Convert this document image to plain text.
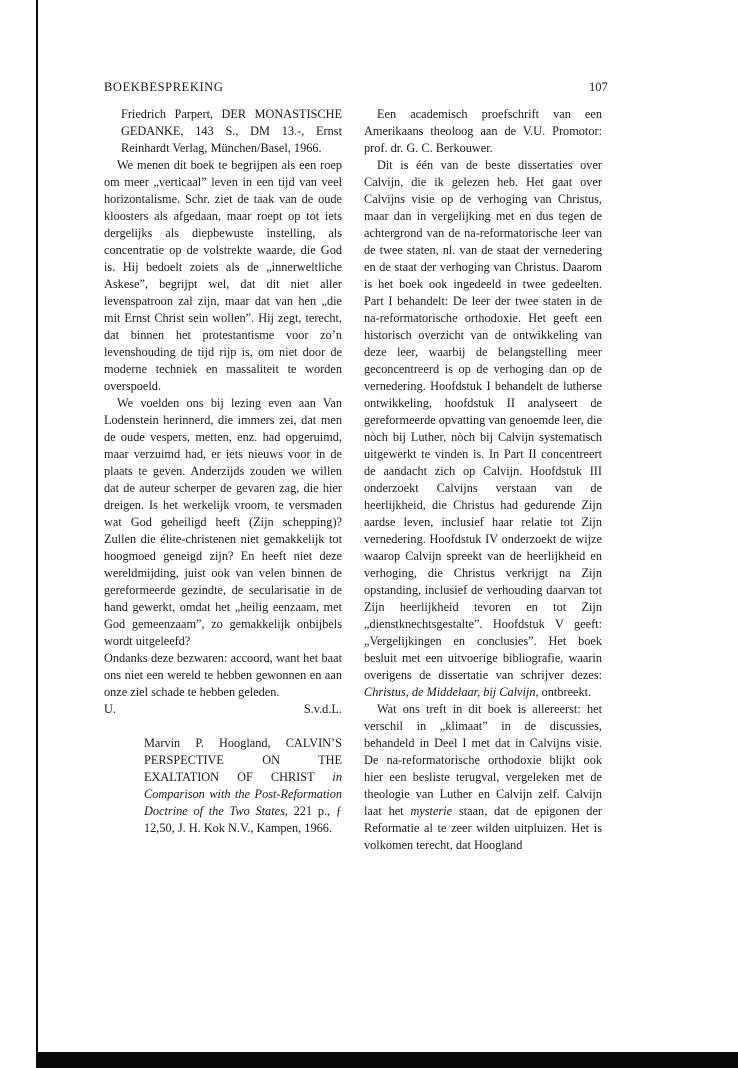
BOEKBESPREKING	107

Friedrich Parpert, DER MONASTISCHE GEDANKE, 143 S., DM 13.-, Ernst Reinhardt Verlag, München/Basel, 1966.

We menen dit boek te begrijpen als een roep om meer „verticaal” leven in een tijd van veel horizontalisme. Schr. ziet de taak van de oude kloosters als afgedaan, maar roept op tot iets dergelijks als diepbewuste instelling, als concentratie op de volstrekte waarde, die God is. Hij bedoelt zoiets als de „innerweltliche Askese”, begrijpt wel, dat dit niet aller levenspatroon zal zijn, maar dat van hen „die mit Ernst Christ sein wollen”. Hij zegt, terecht, dat binnen het protestantisme voor zo’n levenshouding de tijd rijp is, om niet door de moderne techniek en massaliteit te worden overspoeld.

We voelden ons bij lezing even aan Van Lodenstein herinnerd, die immers zei, dat men de oude vespers, metten, enz. had opgeruimd, maar verzuimd had, er iets nieuws voor in de plaats te geven. Anderzijds zouden we willen dat de auteur scherper de gevaren zag, die hier dreigen. Is het werkelijk vroom, te versmaden wat God geheiligd heeft (Zijn schepping)? Zullen die élite-christenen niet gemakkelijk tot hoogmoed geneigd zijn? En heeft niet deze wereldmijding, juist ook van velen binnen de gereformeerde gezindte, de secularisatie in de hand gewerkt, omdat het „heilig eenzaam, met God gemeenzaam”, zo gemakkelijk onbijbels wordt uitgeleefd?

Ondanks deze bezwaren: accoord, want het baat ons niet een wereld te hebben gewonnen en aan onze ziel schade te hebben geleden.

U.	S.v.d.L.

Marvin P. Hoogland, CALVIN’S PERSPECTIVE ON THE EXALTATION OF CHRIST in Comparison with the Post-Reformation Doctrine of the Two States, 221 p., ƒ 12,50, J. H. Kok N.V., Kampen, 1966.

Een academisch proefschrift van een Amerikaans theoloog aan de V.U. Promotor: prof. dr. G. C. Berkouwer.

Dit is één van de beste dissertaties over Calvijn, die ik gelezen heb. Het gaat over Calvijns visie op de verhoging van Christus, maar dan in vergelijking met en dus tegen de achtergrond van de na-reformatorische leer van de twee staten, nl. van de staat der vernedering en de staat der verhoging van Christus. Daarom is het boek ook ingedeeld in twee gedeelten. Part I behandelt: De leer der twee staten in de na-reformatorische orthodoxie. Het geeft een historisch overzicht van de ontwikkeling van deze leer, waarbij de belangstelling meer geconcentreerd is op de verhoging dan op de vernedering. Hoofdstuk I behandelt de lutherse ontwikkeling, hoofdstuk II analyseert de gereformeerde opvatting van genoemde leer, die nòch bij Luther, nòch bij Calvijn systematisch uitgewerkt te vinden is. In Part II concentreert de aandacht zich op Calvijn. Hoofdstuk III onderzoekt Calvijns verstaan van de heerlijkheid, die Christus had gedurende Zijn aardse leven, inclusief haar relatie tot Zijn vernedering. Hoofdstuk IV onderzoekt de wijze waarop Calvijn spreekt van de heerlijkheid en verhoging, die Christus verkrijgt na Zijn opstanding, inclusief de verhouding daarvan tot Zijn heerlijkheid tevoren en tot Zijn „dienstknechtsgestalte”. Hoofdstuk V geeft: „Vergelijkingen en conclusies”. Het boek besluit met een uitvoerige bibliografie, waarin overigens de dissertatie van schrijver dezes: Christus, de Middelaar, bij Calvijn, ontbreekt.

Wat ons treft in dit boek is allereerst: het verschil in „klimaat” in de discussies, behandeld in Deel I met dat in Calvijns visie. De na-reformatorische orthodoxie blijkt ook hier een besliste terugval, vergeleken met de theologie van Luther en Calvijn zelf. Calvijn laat het mysterie staan, dat de epigonen der Reformatie al te zeer wilden uitpluizen. Het is volkomen terecht, dat Hoogland
